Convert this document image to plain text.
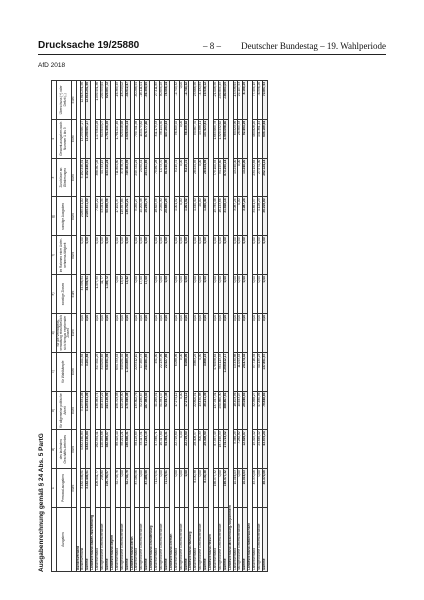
Drucksache 19/25880	– 8 –	Deutscher Bundestag – 19. Wahlperiode
AfD 2018
Ausgabenrechnung gemäß § 24 Abs. 5 PartG
		1	a)	b)	c)	d)	e)	f)	g)	3	4	
Ausgaben	Personal-ausgaben	des laufenden Geschäfts-betriebes	für allgemeine politische Arbeit	für Wahlkämpfe	für die Vermögens-verwaltung einschließlich sich hieraus ergebender Zinsen	sonstige Zinsen	im Rahmen einer Unter-nehmens-tätigkeit	sonstige Ausgaben	Zuschüsse an Gliederungen	Gesamt-ausgaben nach Nummer 1 bis 3	Überschuss (+) oder Defizit (-)
	Euro	Euro	Euro	Euro	Euro	Euro	Euro	Euro	Euro	Euro	Euro
Bundesverband											
Bundesverband	3.182.446,51	4.832.160,84	3.129.631,06	3.201,84	0,00	44.556,51	0,00	2.085.671,00	3.182.446,51	13.299.667,27	12.818.291,56
Summe	3.182.446,51	4.832.160,84	3.129.631,06	3.201,84	0,00	44.556,51	0,00	2.085.671,00	3.182.446,51	13.299.667,27	12.818.291,56
Landesverband Baden-Württemberg											
Landesverband	106.541,77	262.954,41	136.983,74	317.501,25	0,00	1.177,95	0,00	7.625,22	388.567,05	1.175.813,28	1.039.451,36
nachgeordnete Gebietsverbände	248,80	120.034,66	106.153,22	313.050,69	0,00	11,77	0,00	43.041,34	44.743,19	615.643,07	-209.553,64
Summe	106.790,57	382.989,07	243.136,96	630.551,94	0,00	1.189,72	0,00	50.666,56	433.310,24	1.791.456,35	829.897,72
Landesverband Bayern											
Landesverband	52.743,76	88.425,10	156.703,58	654.793,44	0,00	0,00	0,00	17.104,37	711.804,80	1.781.017,46	-16.369,45
nachgeordnete Gebietsverbände	0,00	98.221,21	120.245,50	449.091,92	0,00	13,42	0,00	119.597,84	37.878,79	825.048,68	-18.243,02
Summe	52.743,76	186.646,31	276.949,08	1.103.885,36	0,00	13,42	0,00	136.702,21	749.683,59	2.606.066,14	-34.612,47
Landesverband Berlin											
Landesverband	87.489,56	58.125,65	135.802,76	223.512,10	0,00	0,00	0,00	5.050,27	249.721,24	759.701,58	-40.288,94
nachgeordnete Gebietsverbände	0,00	33.117,51	52.180,67	17.469,75	0,00	17,00	0,00	10.200,48	2.090,41	115.075,82	-16.111,01
Summe	87.489,56	91.243,16	187.983,43	240.981,85	0,00	17,00	0,00	15.250,75	251.811,65	874.777,40	-56.399,95
Landesverband Brandenburg											
Landesverband	71.179,51	47.946,71	41.265,91	491,90	0,00	0,00	0,00	18.829,95	79.967,28	311.179,33	27.411,85
nachgeordnete Gebietsverbände	0,00	16.417,60	51.381,47	22.135,96	0,00	0,00	0,00	2.050,30	1.073,70	96.114,30	50.654,29
Summe	71.179,51	64.364,31	92.647,38	22.627,86	0,00	0,00	0,00	20.880,25	81.040,98	407.293,63	78.066,14
Landesverband Bremen											
Landesverband	0,00	22.729,60	17.274,12	6.088,96	0,00	0,00	0,00	1.001,52	9.215,72	56.309,92	-2.743,32
nachgeordnete Gebietsverbände	0,00	0,00	0,00	0,00	0,00	0,00	0,00	0,00	0,00	0,00	0,00
Summe	0,00	22.729,60	17.274,12	6.088,96	0,00	0,00	0,00	1.001,52	9.215,72	56.309,92	-2.743,32
Landesverband Hamburg											
Landesverband	8.130,38	28.408,57	22.800,51	3.863,25	0,00	0,00	0,00	1.440,40	28.924,59	93.567,70	23.668,96
nachgeordnete Gebietsverbände	0,00	900,33	13.430,88	4,90	0,00	0,00	0,00	20,00	0,00	14.356,11	-4.130,84
Summe	8.130,38	29.308,90	36.231,39	3.868,15	0,00	0,00	0,00	1.460,40	28.924,59	107.923,81	19.538,12
Landesverband Hessen											
Landesverband	166.577,32	87.557,49	137.947,31	478.698,64	0,00	0,00	0,00	15.784,48	779.100,54	1.665.665,78	-21.008,56
nachgeordnete Gebietsverbände	0,00	187.165,53	250.860,30	781.113,53	0,00	0,00	0,00	16.143,66	94.149,60	1.329.432,62	-159.854,49
Summe	166.577,32	274.723,02	388.807,61	1.259.812,17	0,00	0,00	0,00	31.928,14	873.250,14	2.995.098,40	-180.863,05
Landesverband Mecklenburg-Vorpommern											
Landesverband	10.016,03	5.346,25	18.403,56	13.430,88	0,00	0,00	0,00	3.087,24	13.240,00	63.523,96	-13.938,64
nachgeordnete Gebietsverbände	0,00	7.282,82	10.643,07	11.043,44	0,00	0,00	0,00	0,00	0,00	28.969,33	22.107,93
Summe	10.016,03	12.629,07	29.046,63	24.474,32	0,00	0,00	0,00	3.087,24	13.240,00	92.493,29	8.169,29
Landesverband Niedersachsen											
Landesverband	45.370,06	19.329,12	32.368,27	97.716,34	0,00	0,00	0,00	34.891,57	234.152,84	463.828,20	77.454,19
nachgeordnete Gebietsverbände	0,00	24.646,12	47.480,56	40.135,23	0,00	0,00	0,00	1.128,23	27.971,30	141.361,44	-6.556,26
Summe	45.370,06	43.975,24	79.848,83	137.851,57	0,00	0,00	0,00	36.019,80	262.124,14	605.189,64	70.897,93
